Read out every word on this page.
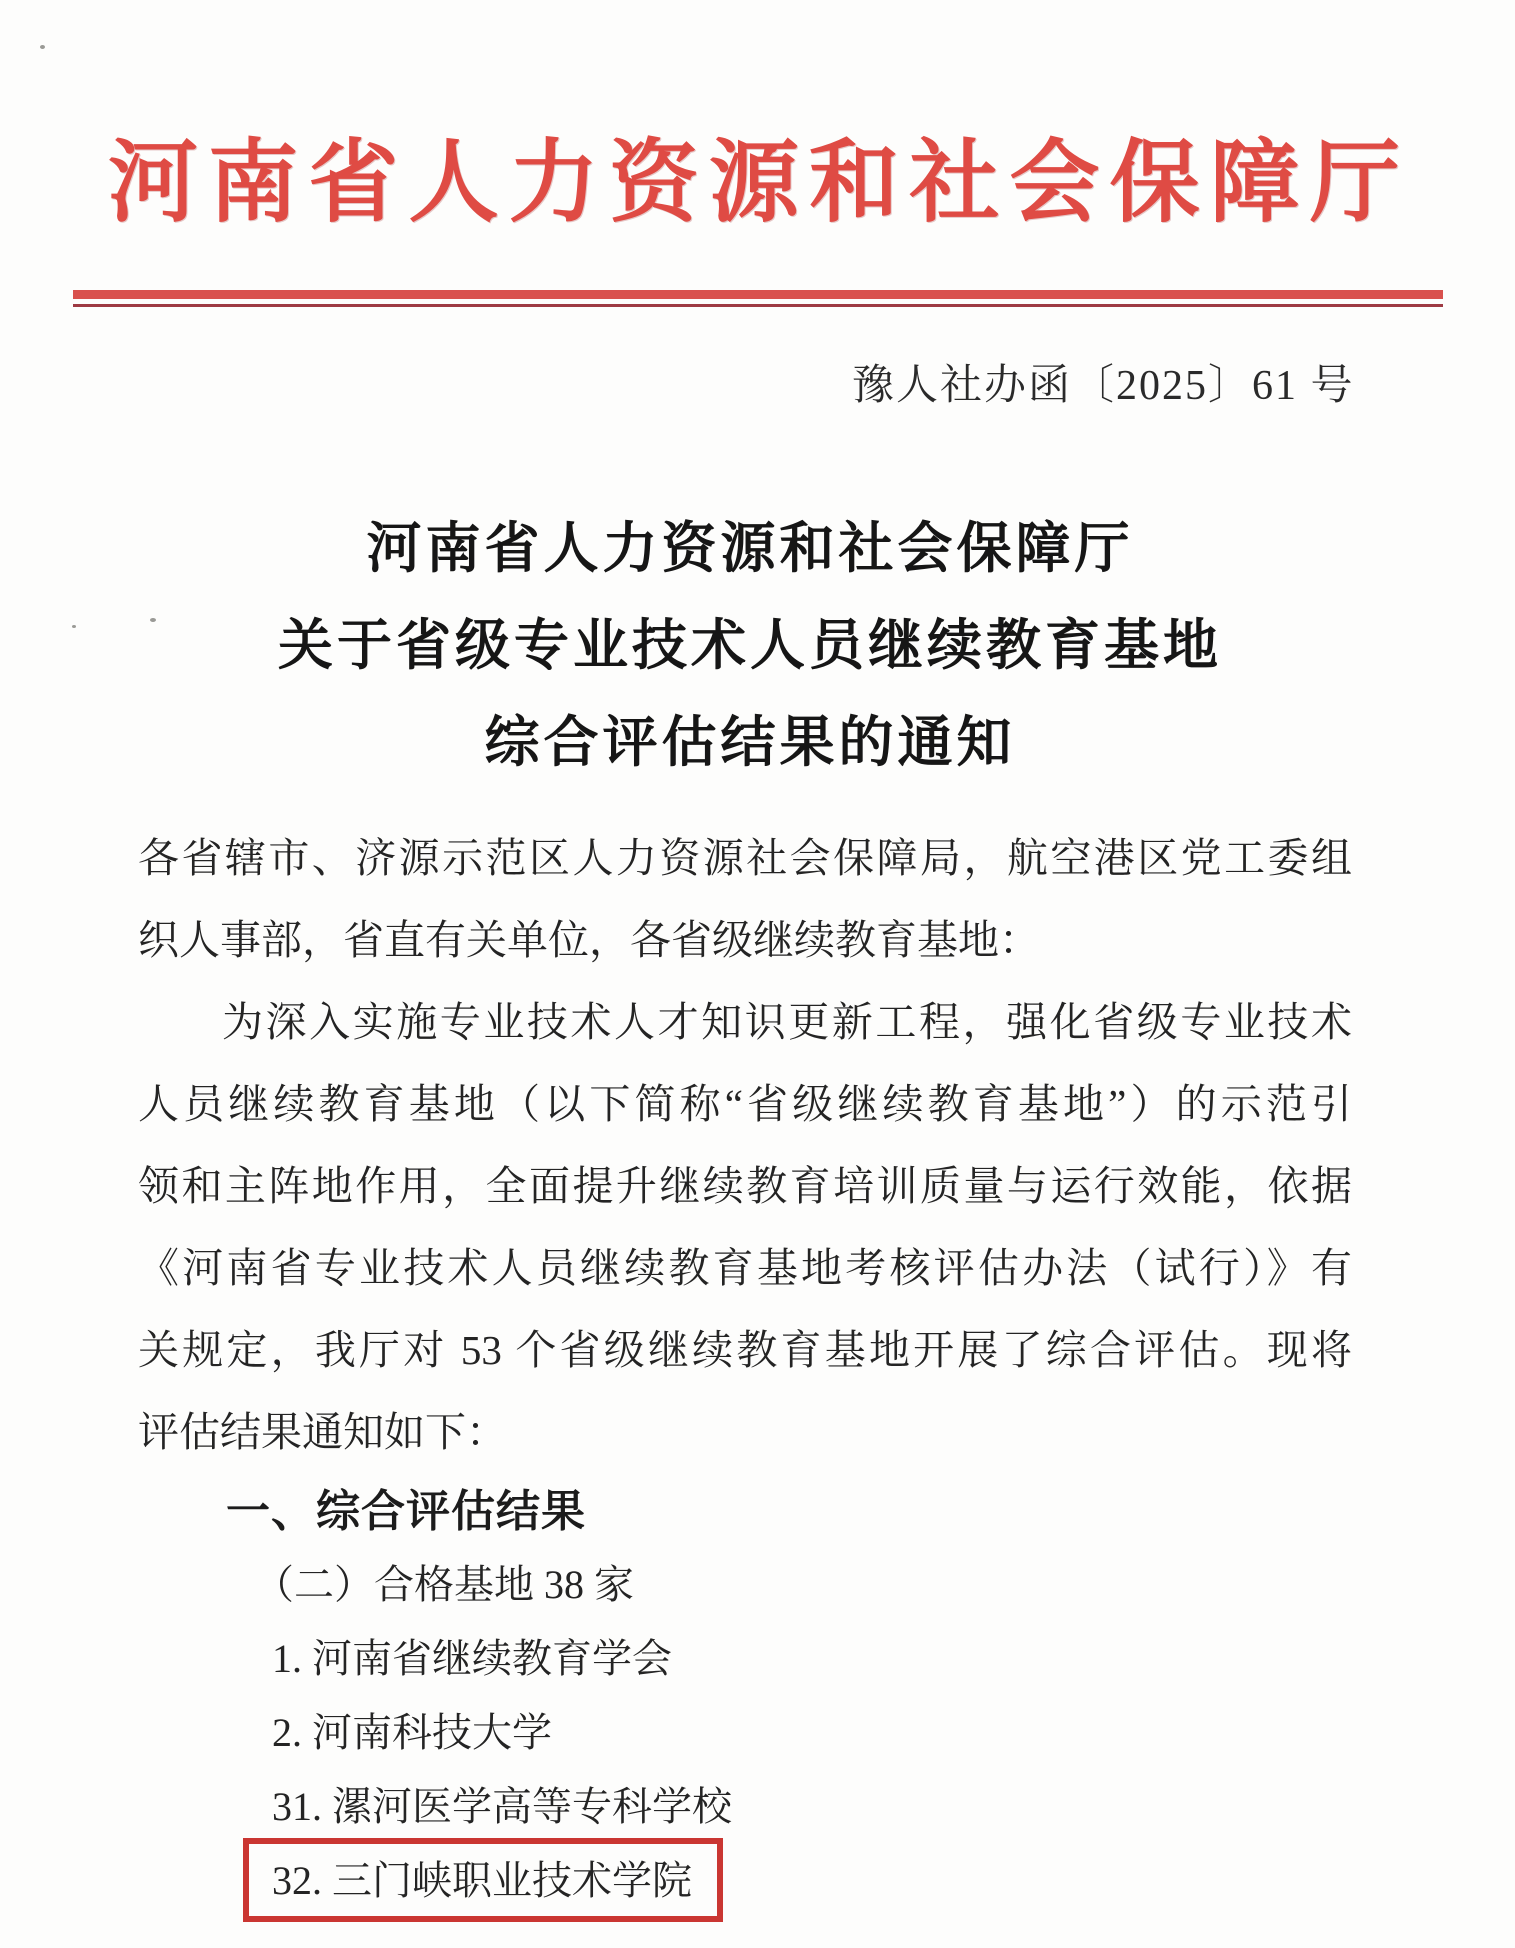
河南省人力资源和社会保障厅
豫人社办函〔2025〕61 号
河南省人力资源和社会保障厅
关于省级专业技术人员继续教育基地
综合评估结果的通知
各省辖市、济源示范区人力资源社会保障局，航空港区党工委组
织人事部，省直有关单位，各省级继续教育基地：
为深入实施专业技术人才知识更新工程，强化省级专业技术
人员继续教育基地（以下简称“省级继续教育基地”）的示范引
领和主阵地作用，全面提升继续教育培训质量与运行效能，依据
《河南省专业技术人员继续教育基地考核评估办法（试行）》有
关规定，我厅对 53 个省级继续教育基地开展了综合评估。现将
评估结果通知如下：
一、综合评估结果
（二）合格基地 38 家
1. 河南省继续教育学会
2. 河南科技大学
31. 漯河医学高等专科学校
32. 三门峡职业技术学院
